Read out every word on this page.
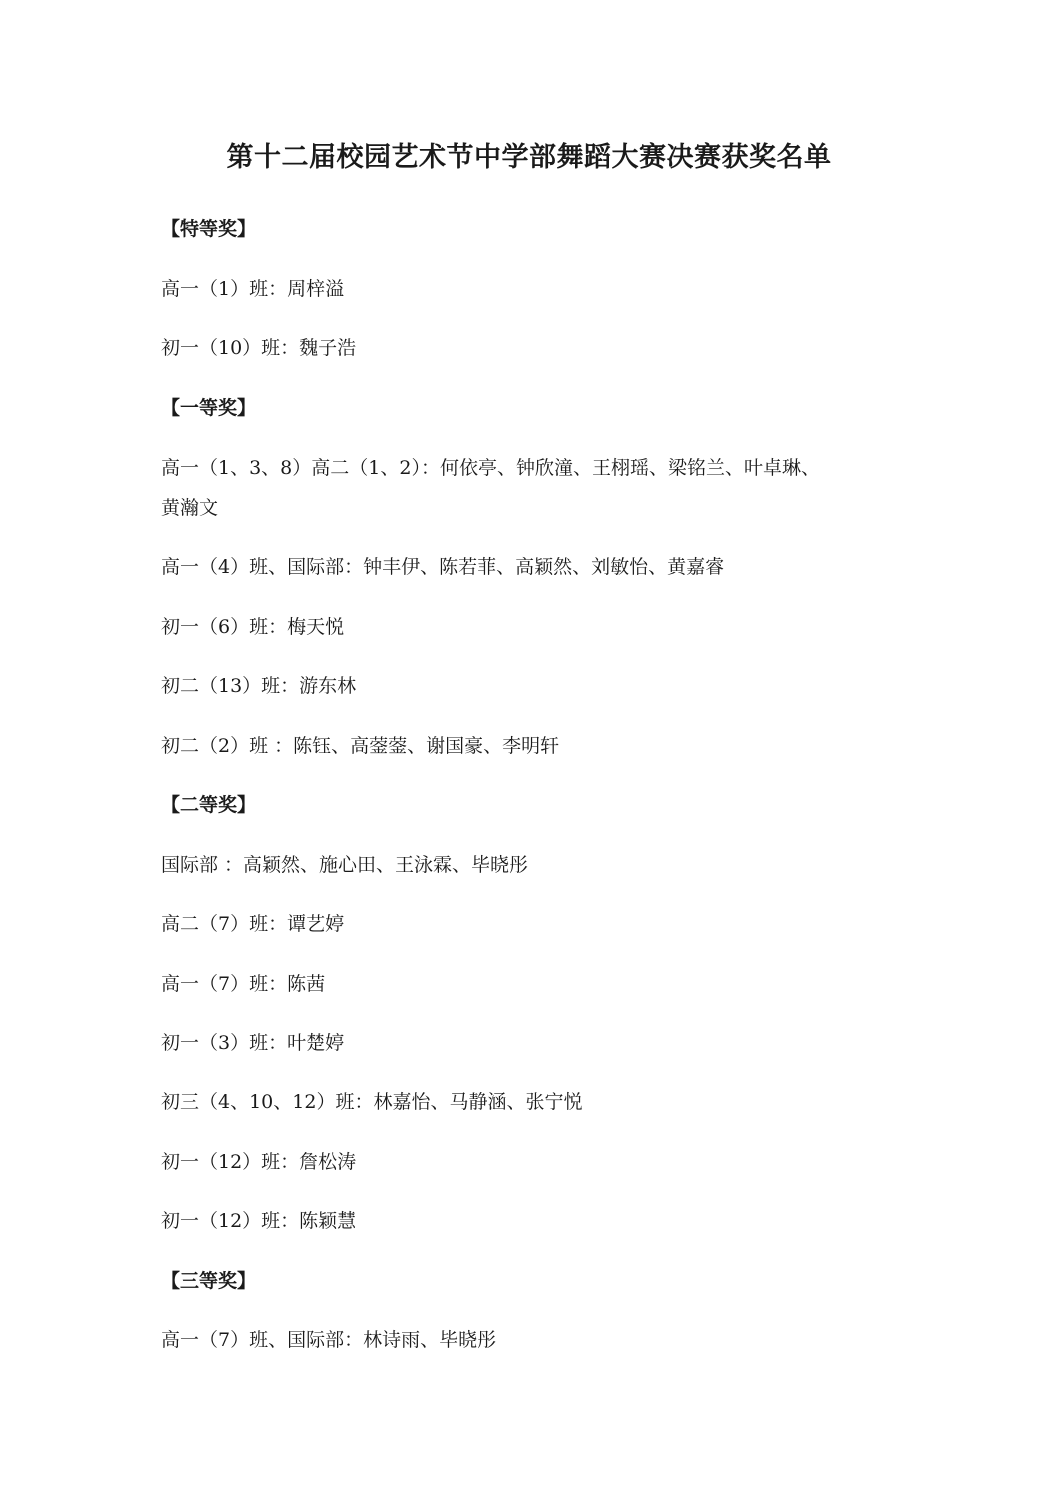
第十二届校园艺术节中学部舞蹈大赛决赛获奖名单
【特等奖】
高一（1）班：周梓溢
初一（10）班：魏子浩
【一等奖】
高一（1、3、8）高二（1、2）：何依亭、钟欣潼、王栩瑶、梁铭兰、叶卓琳、
黄瀚文
高一（4）班、国际部：钟丰伊、陈若菲、高颖然、刘敏怡、黄嘉睿
初一（6）班：梅天悦
初二（13）班：游东林
初二（2）班 ：陈钰、高蓥蓥、谢国豪、李明轩
【二等奖】
国际部 ：高颖然、施心田、王泳霖、毕晓彤
高二（7）班：谭艺婷
高一（7）班：陈茜
初一（3）班：叶楚婷
初三（4、10、12）班：林嘉怡、马静涵、张宁悦
初一（12）班：詹松涛
初一（12）班：陈颖慧
【三等奖】
高一（7）班、国际部：林诗雨、毕晓彤
